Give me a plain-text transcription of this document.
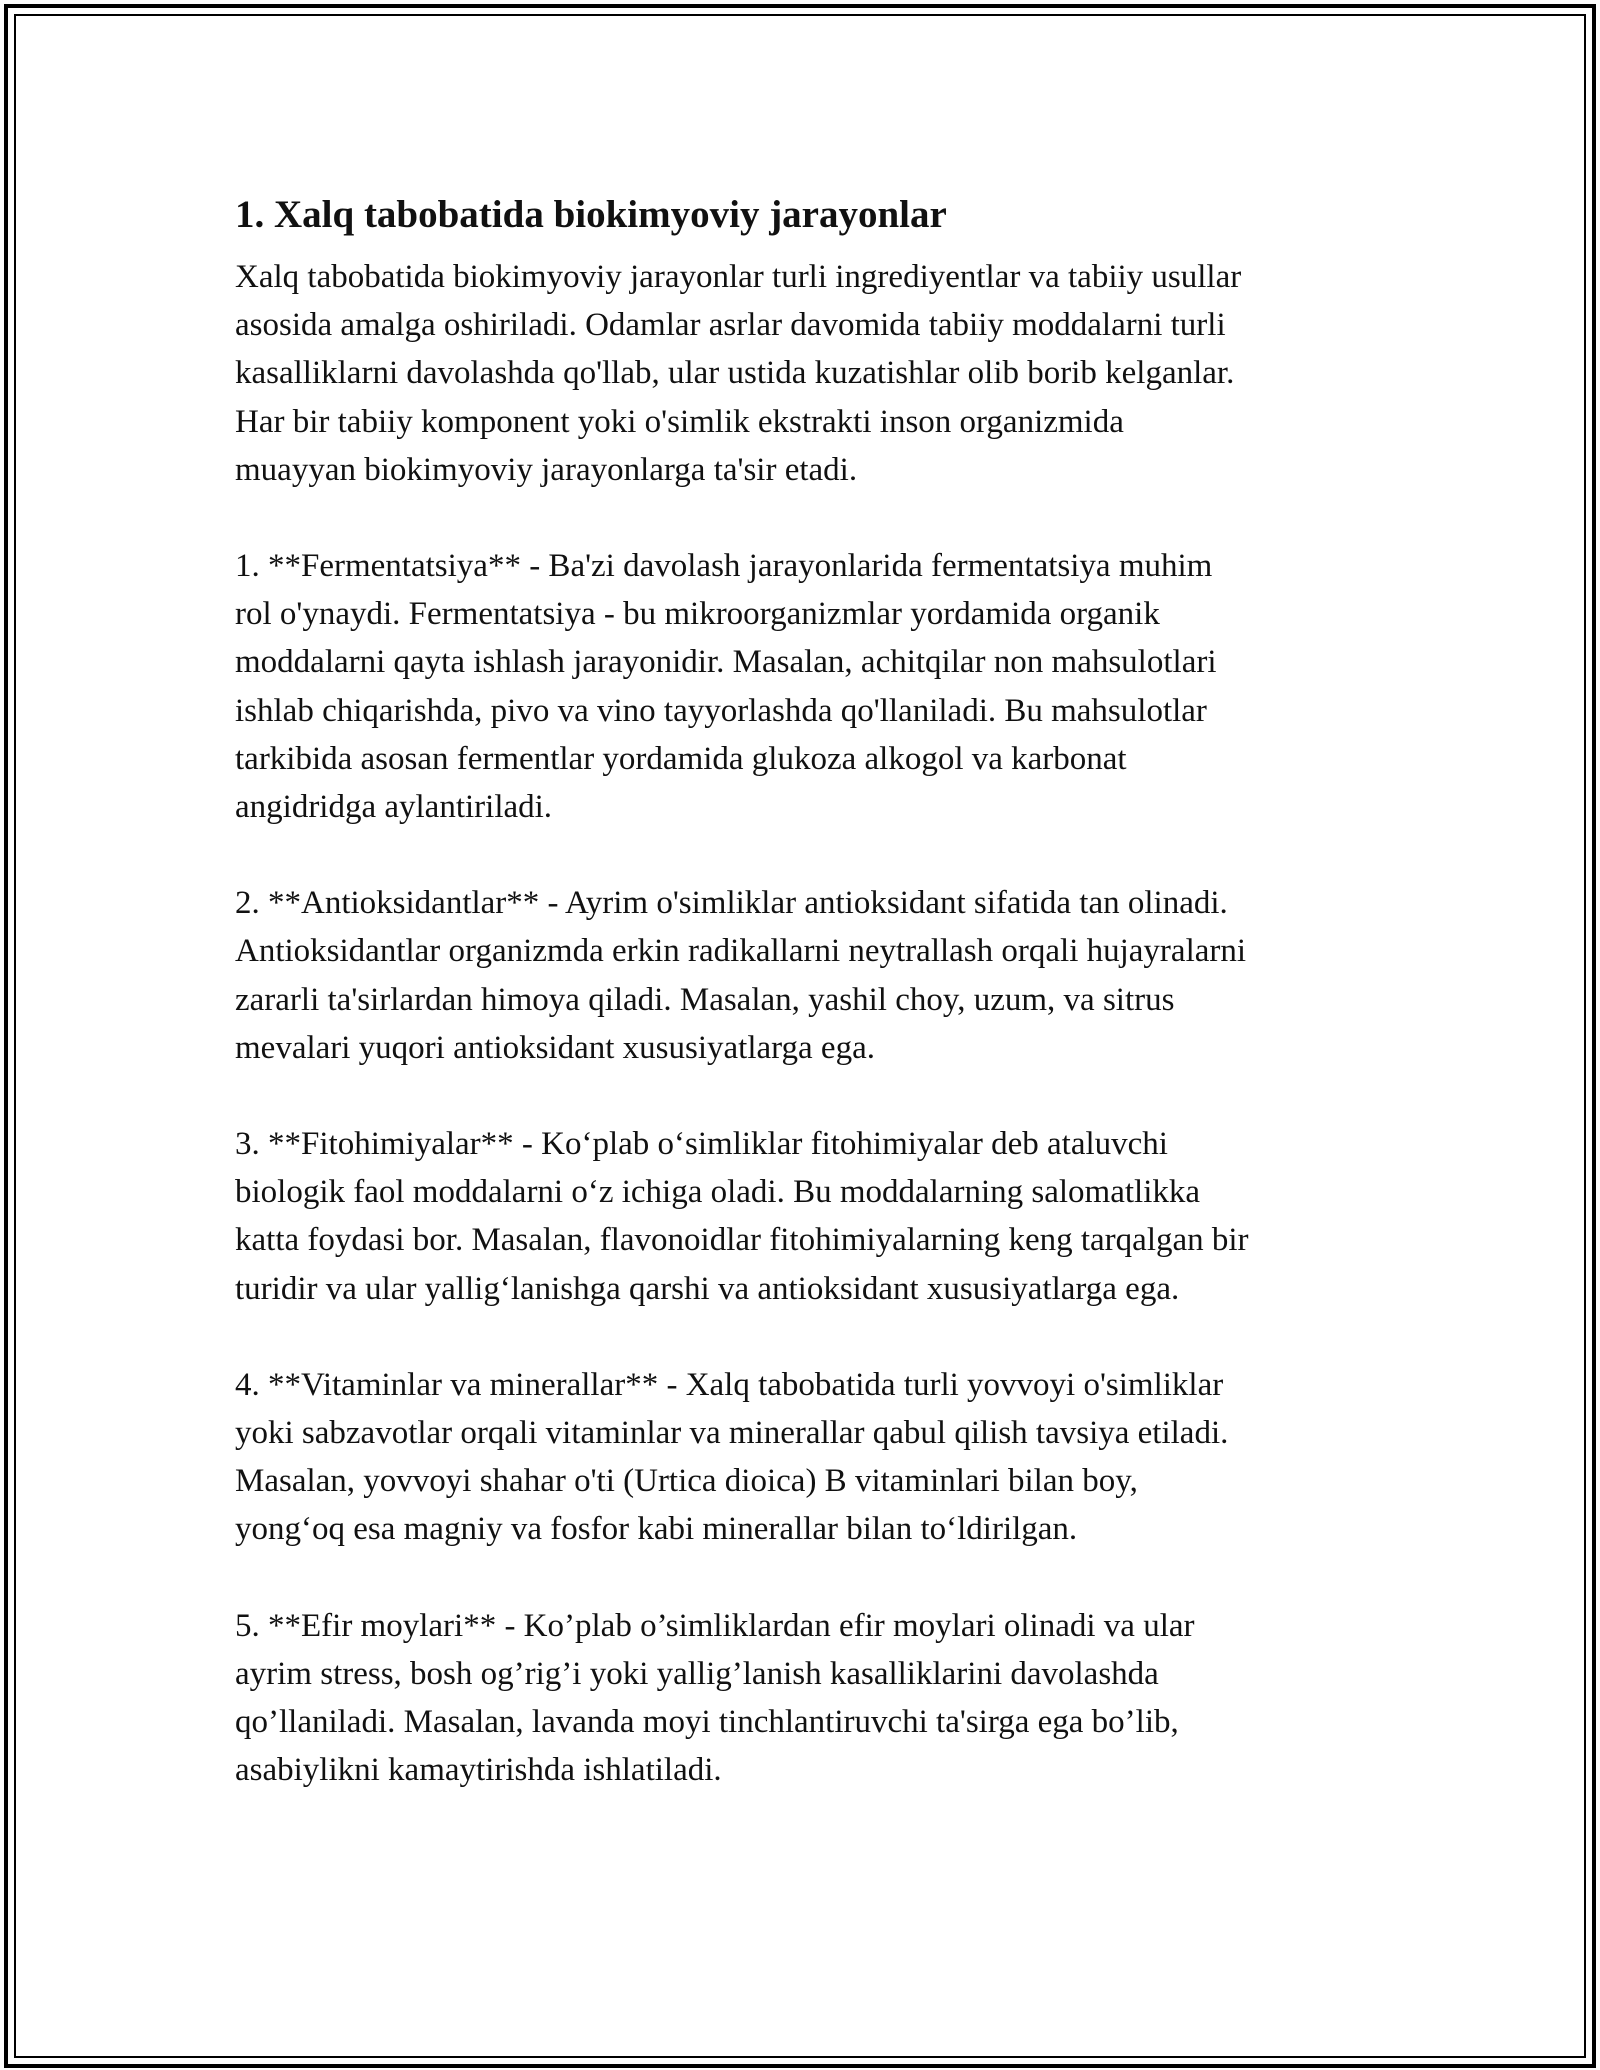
1. Xalq tabobatida biokimyoviy jarayonlar

Xalq tabobatida biokimyoviy jarayonlar turli ingrediyentlar va tabiiy usullar
asosida amalga oshiriladi. Odamlar asrlar davomida tabiiy moddalarni turli
kasalliklarni davolashda qo'llab, ular ustida kuzatishlar olib borib kelganlar.
Har bir tabiiy komponent yoki o'simlik ekstrakti inson organizmida
muayyan biokimyoviy jarayonlarga ta'sir etadi.

1. **Fermentatsiya** - Ba'zi davolash jarayonlarida fermentatsiya muhim
rol o'ynaydi. Fermentatsiya - bu mikroorganizmlar yordamida organik
moddalarni qayta ishlash jarayonidir. Masalan, achitqilar non mahsulotlari
ishlab chiqarishda, pivo va vino tayyorlashda qo'llaniladi. Bu mahsulotlar
tarkibida asosan fermentlar yordamida glukoza alkogol va karbonat
angidridga aylantiriladi.

2. **Antioksidantlar** - Ayrim o'simliklar antioksidant sifatida tan olinadi.
Antioksidantlar organizmda erkin radikallarni neytrallash orqali hujayralarni
zararli ta'sirlardan himoya qiladi. Masalan, yashil choy, uzum, va sitrus
mevalari yuqori antioksidant xususiyatlarga ega.

3. **Fitohimiyalar** - Ko‘plab o‘simliklar fitohimiyalar deb ataluvchi
biologik faol moddalarni o‘z ichiga oladi. Bu moddalarning salomatlikka
katta foydasi bor. Masalan, flavonoidlar fitohimiyalarning keng tarqalgan bir
turidir va ular yallig‘lanishga qarshi va antioksidant xususiyatlarga ega.

4. **Vitaminlar va minerallar** - Xalq tabobatida turli yovvoyi o'simliklar
yoki sabzavotlar orqali vitaminlar va minerallar qabul qilish tavsiya etiladi.
Masalan, yovvoyi shahar o'ti (Urtica dioica) B vitaminlari bilan boy,
yong‘oq esa magniy va fosfor kabi minerallar bilan to‘ldirilgan.

5. **Efir moylari** - Ko’plab o’simliklardan efir moylari olinadi va ular
ayrim stress, bosh og’rig’i yoki yallig’lanish kasalliklarini davolashda
qo’llaniladi. Masalan, lavanda moyi tinchlantiruvchi ta'sirga ega bo’lib,
asabiylikni kamaytirishda ishlatiladi.
